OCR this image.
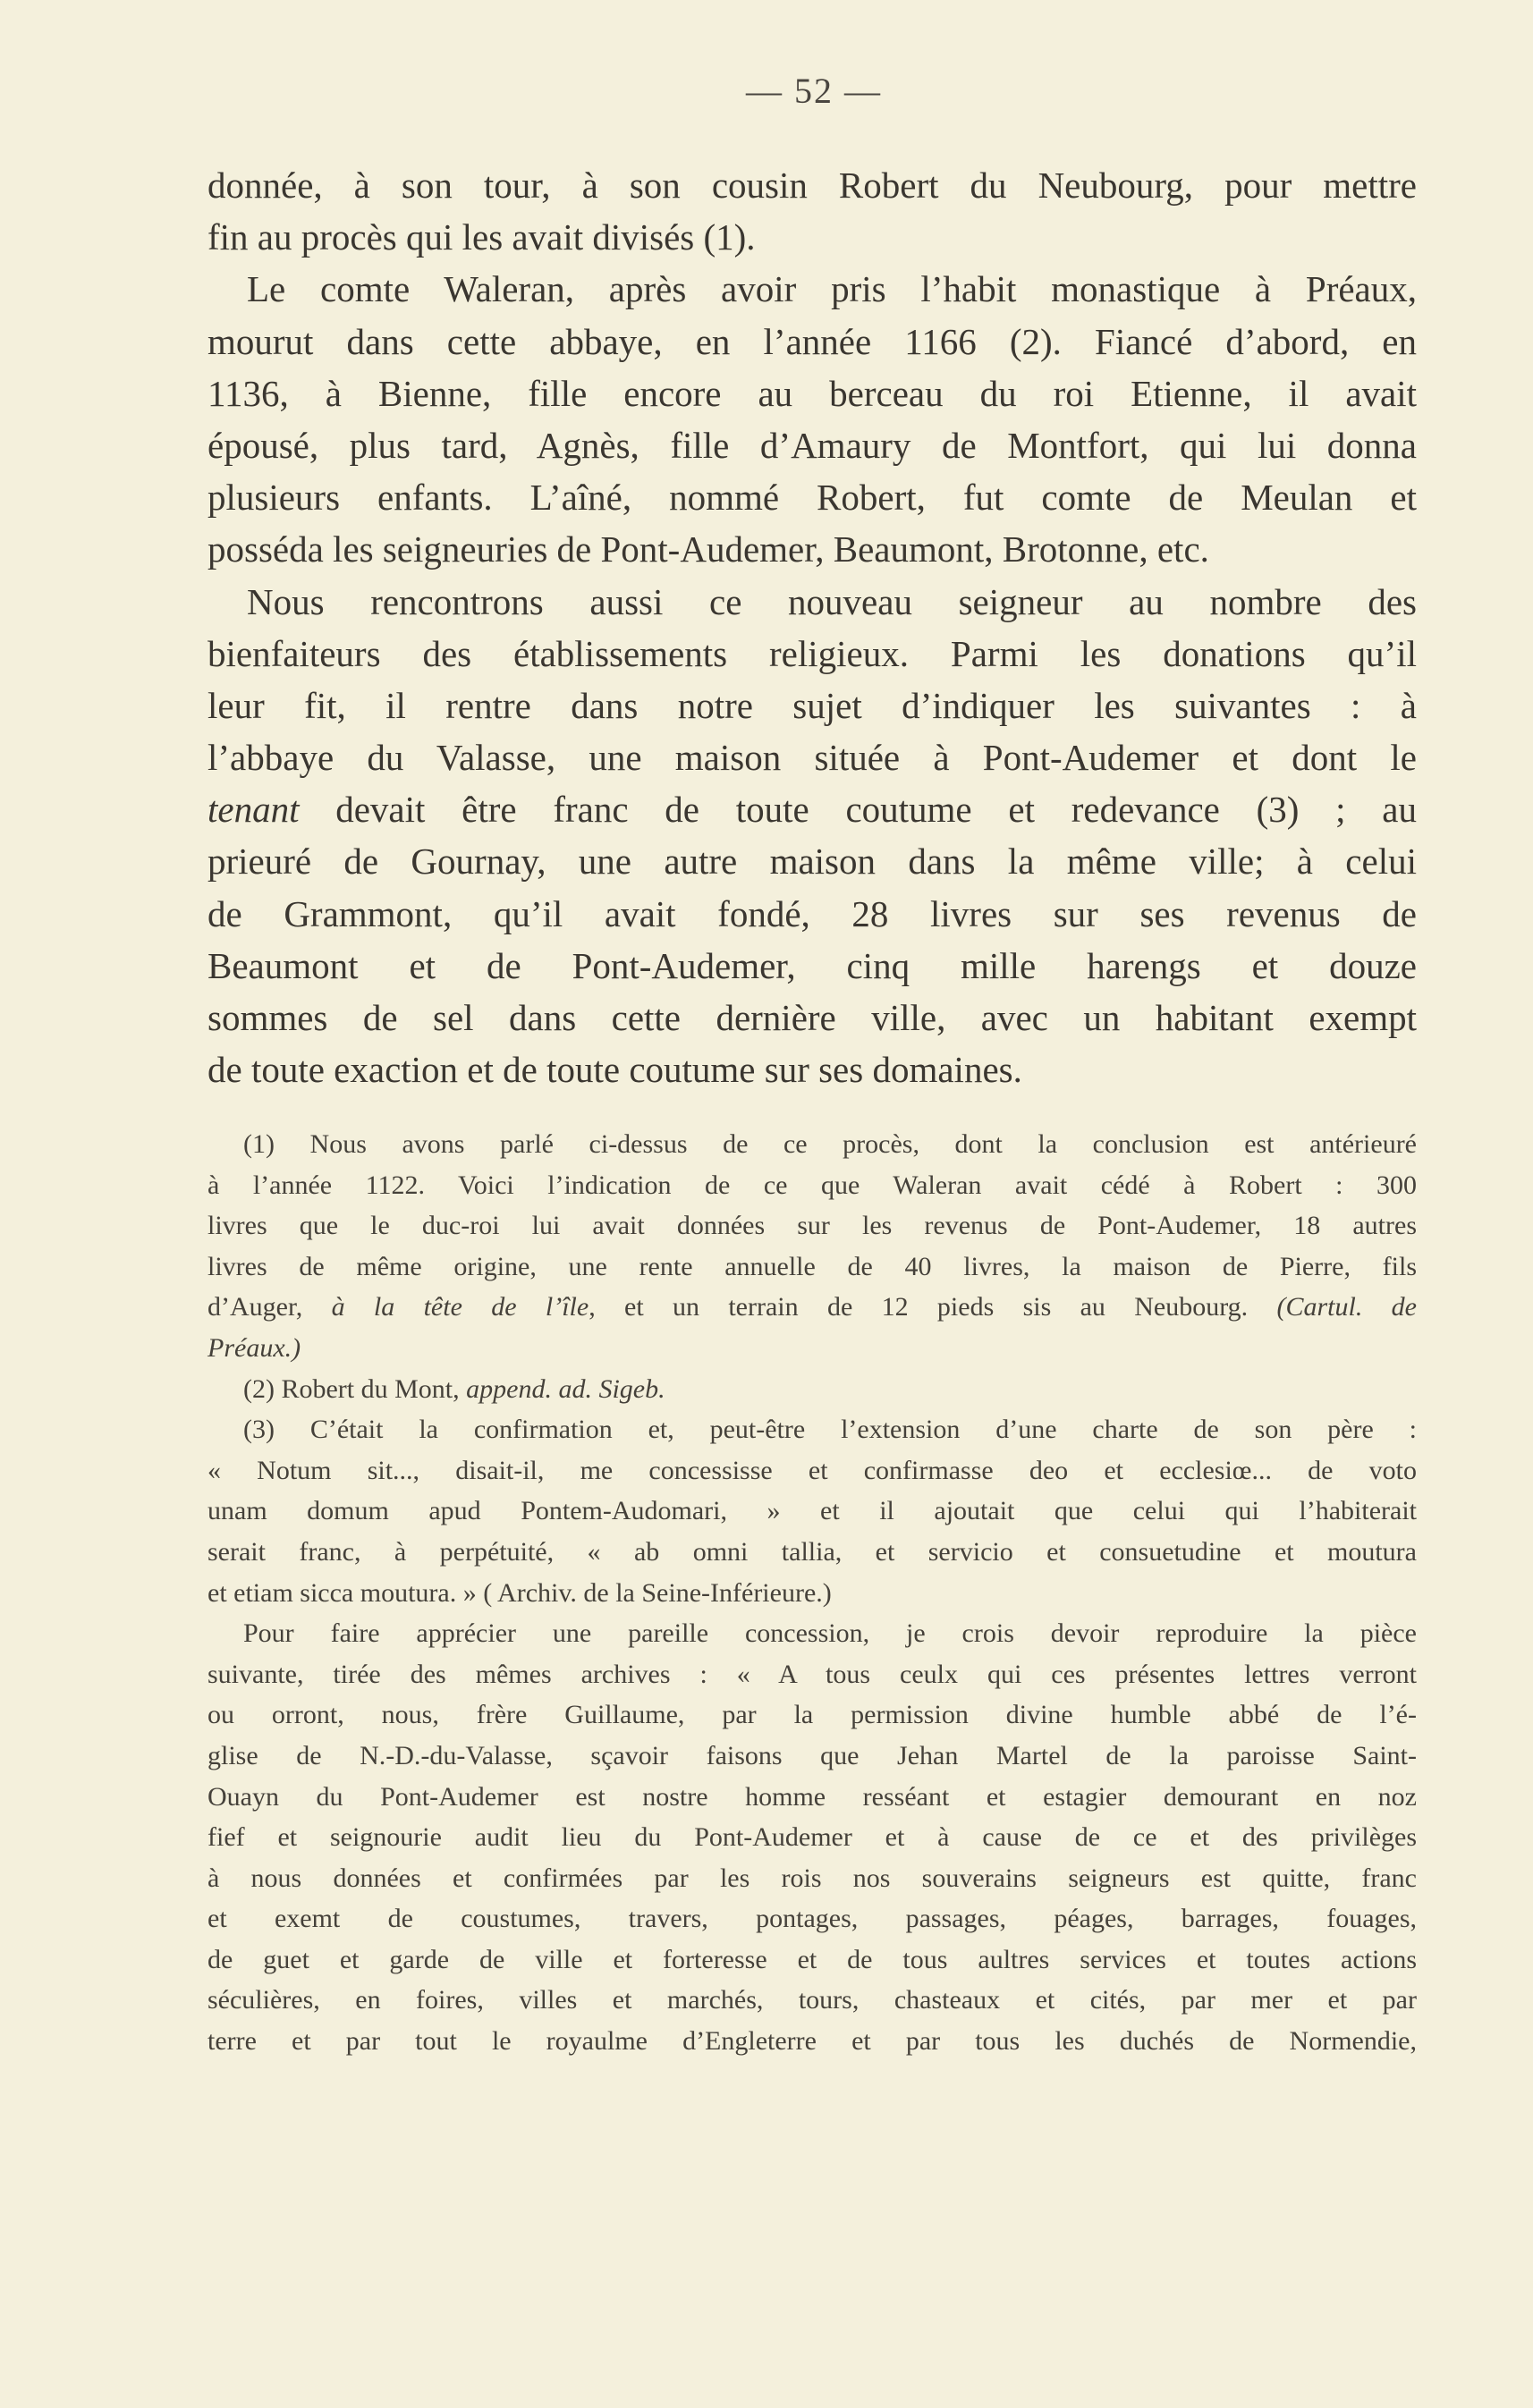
— 52 —
donnée, à son tour, à son cousin Robert du Neubourg, pour mettre
fin au procès qui les avait divisés (1).
Le comte Waleran, après avoir pris l’habit monastique à Préaux,
mourut dans cette abbaye, en l’année 1166 (2). Fiancé d’abord, en
1136, à Bienne, fille encore au berceau du roi Etienne, il avait
épousé, plus tard, Agnès, fille d’Amaury de Montfort, qui lui donna
plusieurs enfants. L’aîné, nommé Robert, fut comte de Meulan et
posséda les seigneuries de Pont-Audemer, Beaumont, Brotonne, etc.
Nous rencontrons aussi ce nouveau seigneur au nombre des
bienfaiteurs des établissements religieux. Parmi les donations qu’il
leur fit, il rentre dans notre sujet d’indiquer les suivantes : à
l’abbaye du Valasse, une maison située à Pont-Audemer et dont le
tenant devait être franc de toute coutume et redevance (3) ; au
prieuré de Gournay, une autre maison dans la même ville; à celui
de Grammont, qu’il avait fondé, 28 livres sur ses revenus de
Beaumont et de Pont-Audemer, cinq mille harengs et douze
sommes de sel dans cette dernière ville, avec un habitant exempt
de toute exaction et de toute coutume sur ses domaines.
(1) Nous avons parlé ci-dessus de ce procès, dont la conclusion est antérieuré
à l’année 1122. Voici l’indication de ce que Waleran avait cédé à Robert : 300
livres que le duc-roi lui avait données sur les revenus de Pont-Audemer, 18 autres
livres de même origine, une rente annuelle de 40 livres, la maison de Pierre, fils
d’Auger, à la tête de l’île, et un terrain de 12 pieds sis au Neubourg. (Cartul. de
Préaux.)
(2) Robert du Mont, append. ad. Sigeb.
(3) C’était la confirmation et, peut-être l’extension d’une charte de son père :
« Notum sit..., disait-il, me concessisse et confirmasse deo et ecclesiœ... de voto
unam domum apud Pontem-Audomari, » et il ajoutait que celui qui l’habiterait
serait franc, à perpétuité, « ab omni tallia, et servicio et consuetudine et moutura
et etiam sicca moutura. » ( Archiv. de la Seine-Inférieure.)
Pour faire apprécier une pareille concession, je crois devoir reproduire la pièce
suivante, tirée des mêmes archives : « A tous ceulx qui ces présentes lettres verront
ou orront, nous, frère Guillaume, par la permission divine humble abbé de l’é-
glise de N.-D.-du-Valasse, sçavoir faisons que Jehan Martel de la paroisse Saint-
Ouayn du Pont-Audemer est nostre homme resséant et estagier demourant en noz
fief et seignourie audit lieu du Pont-Audemer et à cause de ce et des privilèges
à nous données et confirmées par les rois nos souverains seigneurs est quitte, franc
et exemt de coustumes, travers, pontages, passages, péages, barrages, fouages,
de guet et garde de ville et forteresse et de tous aultres services et toutes actions
séculières, en foires, villes et marchés, tours, chasteaux et cités, par mer et par
terre et par tout le royaulme d’Engleterre et par tous les duchés de Normendie,
